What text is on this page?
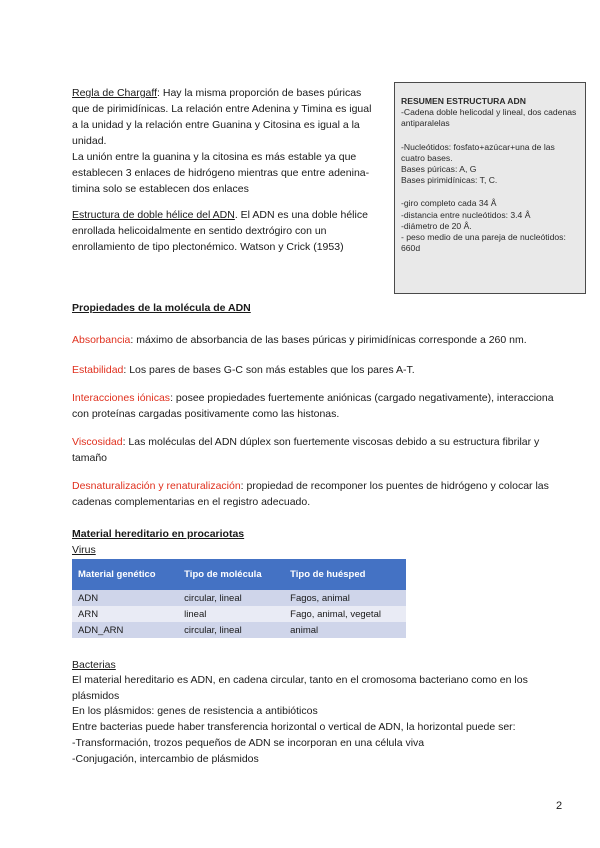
Regla de Chargaff: Hay la misma proporción de bases púricas que de pirimidínicas. La relación entre Adenina y Timina es igual a la unidad y la relación entre Guanina y Citosina es igual a la unidad.
La unión entre la guanina y la citosina es más estable ya que establecen 3 enlaces de hidrógeno mientras que entre adenina-timina solo se establecen dos enlaces
Estructura de doble hélice del ADN. El ADN es una doble hélice enrollada helicoidalmente en sentido dextrógiro con un enrollamiento de tipo plectonémico. Watson y Crick (1953)

RESUMEN ESTRUCTURA ADN

-Cadena doble helicodal y lineal, dos cadenas antiparalelas

-Nucleótidos: fosfato+azúcar+una de las cuatro bases.

Bases púricas: A, G

Bases pirimidínicas: T, C.

-giro completo cada 34 Å

-distancia entre nucleótidos: 3.4 Å

-diámetro de 20 Å.

- peso medio de una pareja de nucleótidos: 660d

Propiedades de la molécula de ADN
Absorbancia: máximo de absorbancia de las bases púricas y pirimidínicas corresponde a 260 nm.
Estabilidad: Los pares de bases G-C son más estables que los pares A-T.
Interacciones iónicas: posee propiedades fuertemente aniónicas (cargado negativamente), interacciona con proteínas cargadas positivamente como las histonas.
Viscosidad: Las moléculas del ADN dúplex son fuertemente viscosas debido a su estructura fibrilar y tamaño
Desnaturalización y renaturalización: propiedad de recomponer los puentes de hidrógeno y colocar las cadenas complementarias en el registro adecuado.
Material hereditario en procariotas
Virus
Material genético	Tipo de molécula	Tipo de huésped
ADN	circular, lineal	Fagos, animal
ARN	lineal	Fago, animal, vegetal
ADN_ARN	circular, lineal	animal
Bacterias
El material hereditario es ADN, en cadena circular, tanto en el cromosoma bacteriano como en los plásmidos
En los plásmidos: genes de resistencia a antibióticos
Entre bacterias puede haber transferencia horizontal o vertical de ADN, la horizontal puede ser:
-Transformación, trozos pequeños de ADN se incorporan en una célula viva
-Conjugación, intercambio de plásmidos
2
